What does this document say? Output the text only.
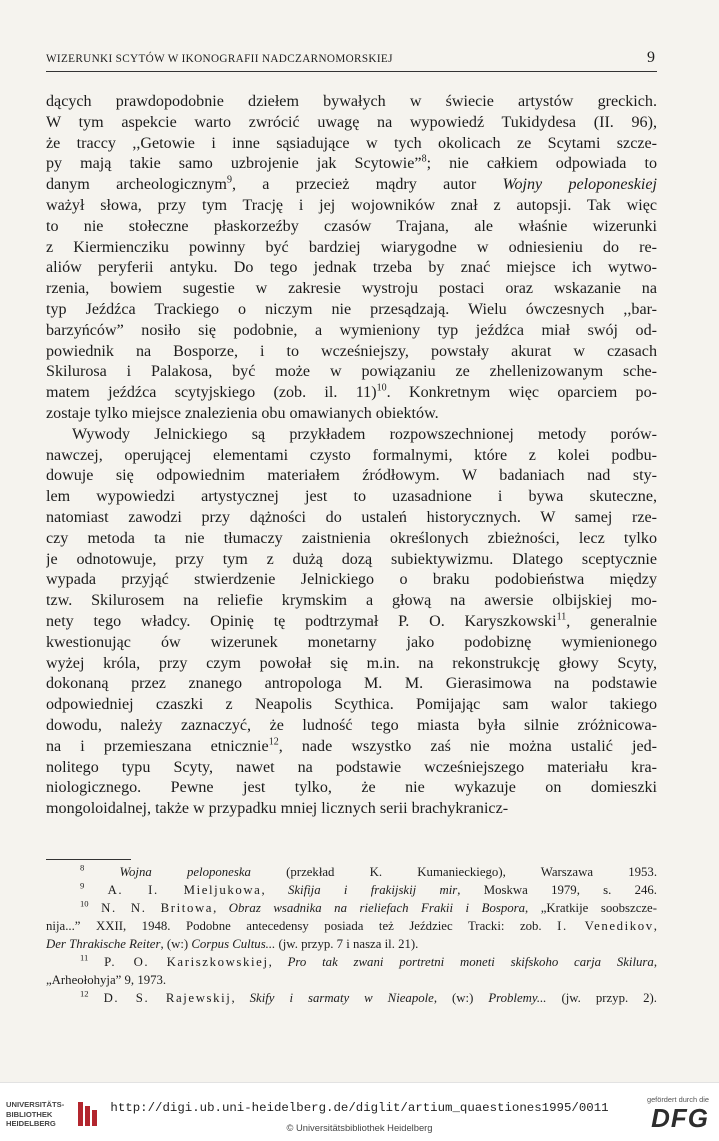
WIZERUNKI SCYTÓW W IKONOGRAFII NADCZARNOMORSKIEJ	9
dących prawdopodobnie dziełem bywałych w świecie artystów greckich.
W tym aspekcie warto zwrócić uwagę na wypowiedź Tukidydesa (II. 96),
że traccy ,,Getowie i inne sąsiadujące w tych okolicach ze Scytami szcze-
py mają takie samo uzbrojenie jak Scytowie”$^8$; nie całkiem odpowiada to
danym archeologicznym$^9$, a przecież mądry autor Wojny peloponeskiej
ważył słowa, przy tym Trację i jej wojowników znał z autopsji. Tak więc
to nie stołeczne płaskorzeźby czasów Trajana, ale właśnie wizerunki
z Kiermiencziku powinny być bardziej wiarygodne w odniesieniu do re-
aliów peryferii antyku. Do tego jednak trzeba by znać miejsce ich wytwo-
rzenia, bowiem sugestie w zakresie wystroju postaci oraz wskazanie na
typ Jeźdźca Trackiego o niczym nie przesądzają. Wielu ówczesnych ,,bar-
barzyńców” nosiło się podobnie, a wymieniony typ jeźdźca miał swój od-
powiednik na Bosporze, i to wcześniejszy, powstały akurat w czasach
Skilurosa i Palakosa, być może w powiązaniu ze zhellenizowanym sche-
matem jeźdźca scytyjskiego (zob. il. 11)$^{10}$. Konkretnym więc oparciem po-
zostaje tylko miejsce znalezienia obu omawianych obiektów.
Wywody Jelnickiego są przykładem rozpowszechnionej metody porów-
nawczej, operującej elementami czysto formalnymi, które z kolei podbu-
dowuje się odpowiednim materiałem źródłowym. W badaniach nad sty-
lem wypowiedzi artystycznej jest to uzasadnione i bywa skuteczne,
natomiast zawodzi przy dążności do ustaleń historycznych. W samej rze-
czy metoda ta nie tłumaczy zaistnienia określonych zbieżności, lecz tylko
je odnotowuje, przy tym z dużą dozą subiektywizmu. Dlatego sceptycznie
wypada przyjąć stwierdzenie Jelnickiego o braku podobieństwa między
tzw. Skilurosem na reliefie krymskim a głową na awersie olbijskiej mo-
nety tego władcy. Opinię tę podtrzymał P. O. Karyszkowski$^{11}$, generalnie
kwestionując ów wizerunek monetarny jako podobiznę wymienionego
wyżej króla, przy czym powołał się m.in. na rekonstrukcję głowy Scyty,
dokonaną przez znanego antropologa M. M. Gierasimowa na podstawie
odpowiedniej czaszki z Neapolis Scythica. Pomijając sam walor takiego
dowodu, należy zaznaczyć, że ludność tego miasta była silnie zróżnicowa-
na i przemieszana etnicznie$^{12}$, nade wszystko zaś nie można ustalić jed-
nolitego typu Scyty, nawet na podstawie wcześniejszego materiału kra-
niologicznego. Pewne jest tylko, że nie wykazuje on domieszki
mongoloidalnej, także w przypadku mniej licznych serii brachykranicz-
$^8$	Wojna peloponeska (przekład K. Kumanieckiego), Warszawa 1953.
$^9$ A. I. Mieljukowa, Skifija i frakijskij mir, Moskwa 1979, s. 246.
$^{10}$ N. N. Britowa, Obraz wsadnika na rieliefach Frakii i Bospora, „Kratkije soobszcze-
nija...” XXII, 1948. Podobne antecedensy posiada też Jeździec Tracki: zob. I. Venedikov,
Der Thrakische Reiter, (w:) Corpus Cultus... (jw. przyp. 7 i nasza il. 21).
$^{11}$ P. O. Kariszkowskiej, Pro tak zwani portretni moneti skifskoho carja Skilura,
„Arheołohyja” 9, 1973.
$^{12}$ D. S. Rajewskij, Skify i sarmaty w Nieapole, (w:) Problemy... (jw. przyp. 2).
UNIVERSITÄTS-
BIBLIOTHEK
HEIDELBERG
http://digi.ub.uni-heidelberg.de/diglit/artium_quaestiones1995/0011
© Universitätsbibliothek Heidelberg
gefördert durch die
DFG
